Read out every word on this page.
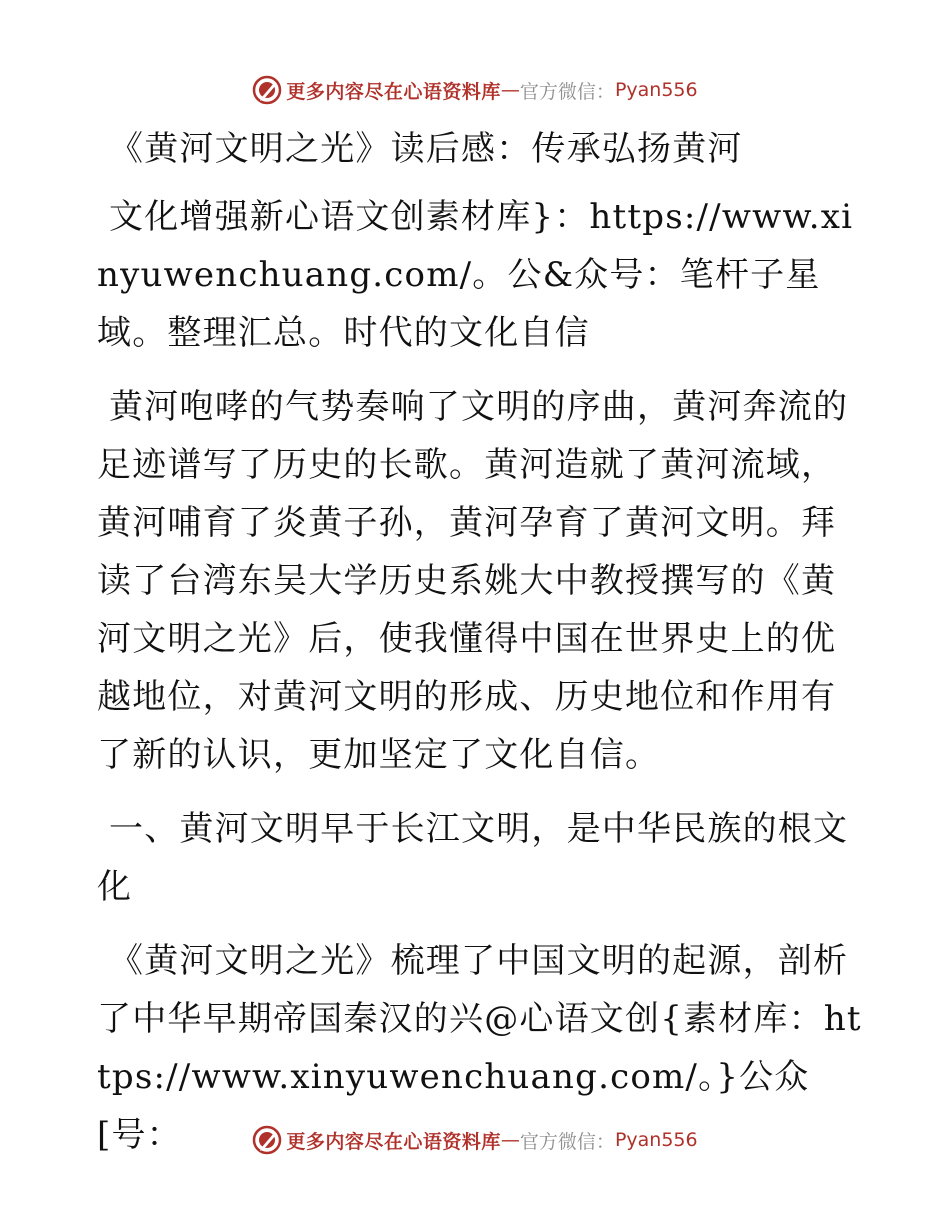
更多内容尽在心语资料库 — 官方微信： Pyan556

《黄河文明之光》读后感：传承弘扬黄河

文化增强新心语文创素材库}：https://www.xinyuwenchuang.com/。公&众号：笔杆子星域。整理汇总。时代的文化自信

黄河咆哮的气势奏响了文明的序曲，黄河奔流的足迹谱写了历史的长歌。黄河造就了黄河流域，黄河哺育了炎黄子孙，黄河孕育了黄河文明。拜读了台湾东吴大学历史系姚大中教授撰写的《黄河文明之光》后，使我懂得中国在世界史上的优越地位，对黄河文明的形成、历史地位和作用有了新的认识，更加坚定了文化自信。

一、黄河文明早于长江文明，是中华民族的根文化

《黄河文明之光》梳理了中国文明的起源，剖析了中华早期帝国秦汉的兴@心语文创{素材库：https://www.xinyuwenchuang.com/。}公众[号：	更多内容尽在心语资料库 — 官方微信： Pyan556
